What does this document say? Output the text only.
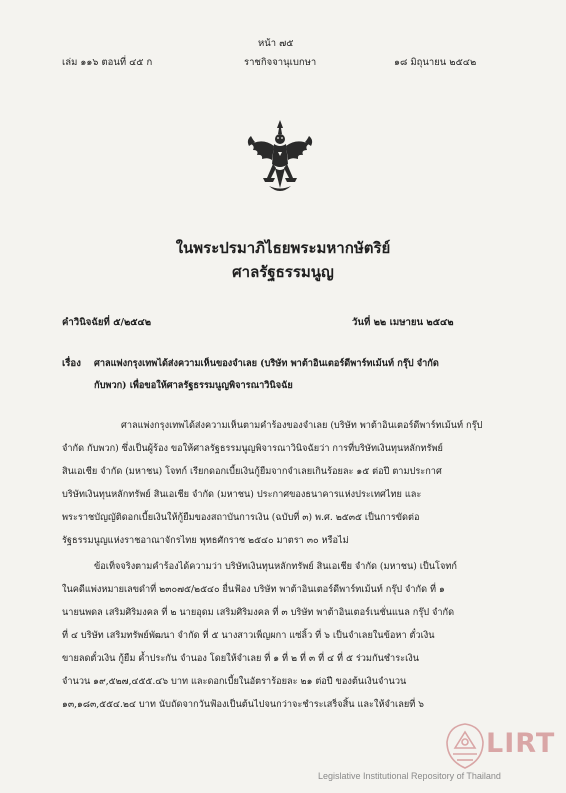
หน้า ๗๕
เล่ม ๑๑๖ ตอนที่ ๔๕ ก	ราชกิจจานุเบกษา	๑๘ มิถุนายน ๒๕๔๒
ในพระปรมาภิไธยพระมหากษัตริย์
ศาลรัฐธรรมนูญ
คำวินิจฉัยที่ ๕/๒๕๔๒	วันที่ ๒๒ เมษายน ๒๕๔๒
เรื่อง ศาลแพ่งกรุงเทพได้ส่งความเห็นของจำเลย (บริษัท พาต้าอินเตอร์ดีพาร์ทเม้นท์ กรุ๊ป จำกัด
กับพวก) เพื่อขอให้ศาลรัฐธรรมนูญพิจารณาวินิจฉัย
ศาลแพ่งกรุงเทพได้ส่งความเห็นตามคำร้องของจำเลย (บริษัท พาต้าอินเตอร์ดีพาร์ทเม้นท์ กรุ๊ป
จำกัด กับพวก) ซึ่งเป็นผู้ร้อง ขอให้ศาลรัฐธรรมนูญพิจารณาวินิจฉัยว่า การที่บริษัทเงินทุนหลักทรัพย์
สินเอเชีย จำกัด (มหาชน) โจทก์ เรียกดอกเบี้ยเงินกู้ยืมจากจำเลยเกินร้อยละ ๑๕ ต่อปี ตามประกาศ
บริษัทเงินทุนหลักทรัพย์ สินเอเชีย จำกัด (มหาชน) ประกาศของธนาคารแห่งประเทศไทย และ
พระราชบัญญัติดอกเบี้ยเงินให้กู้ยืมของสถาบันการเงิน (ฉบับที่ ๓) พ.ศ. ๒๕๓๕ เป็นการขัดต่อ
รัฐธรรมนูญแห่งราชอาณาจักรไทย พุทธศักราช ๒๕๔๐ มาตรา ๓๐ หรือไม่
ข้อเท็จจริงตามคำร้องได้ความว่า บริษัทเงินทุนหลักทรัพย์ สินเอเชีย จำกัด (มหาชน) เป็นโจทก์
ในคดีแพ่งหมายเลขดำที่ ๒๓๐๗๕/๒๕๔๐ ยื่นฟ้อง บริษัท พาต้าอินเตอร์ดีพาร์ทเม้นท์ กรุ๊ป จำกัด ที่ ๑
นายนพดล เสริมศิริมงคล ที่ ๒ นายอุดม เสริมศิริมงคล ที่ ๓ บริษัท พาต้าอินเตอร์เนชั่นแนล กรุ๊ป จำกัด
ที่ ๔ บริษัท เสริมทรัพย์พัฒนา จำกัด ที่ ๕ นางสาวเพ็ญผกา แซ่ลิ้ว ที่ ๖ เป็นจำเลยในข้อหา ตั๋วเงิน
ขายลดตั๋วเงิน กู้ยืม ค้ำประกัน จำนอง โดยให้จำเลย ที่ ๑ ที่ ๒ ที่ ๓ ที่ ๔ ที่ ๕ ร่วมกันชำระเงิน
จำนวน ๑๙,๕๒๗,๔๕๕.๔๖ บาท และดอกเบี้ยในอัตราร้อยละ ๒๑ ต่อปี ของต้นเงินจำนวน
๑๓,๑๘๓,๕๕๔.๒๔ บาท นับถัดจากวันฟ้องเป็นต้นไปจนกว่าจะชำระเสร็จสิ้น และให้จำเลยที่ ๖
LIRT
Legislative Institutional Repository of Thailand
